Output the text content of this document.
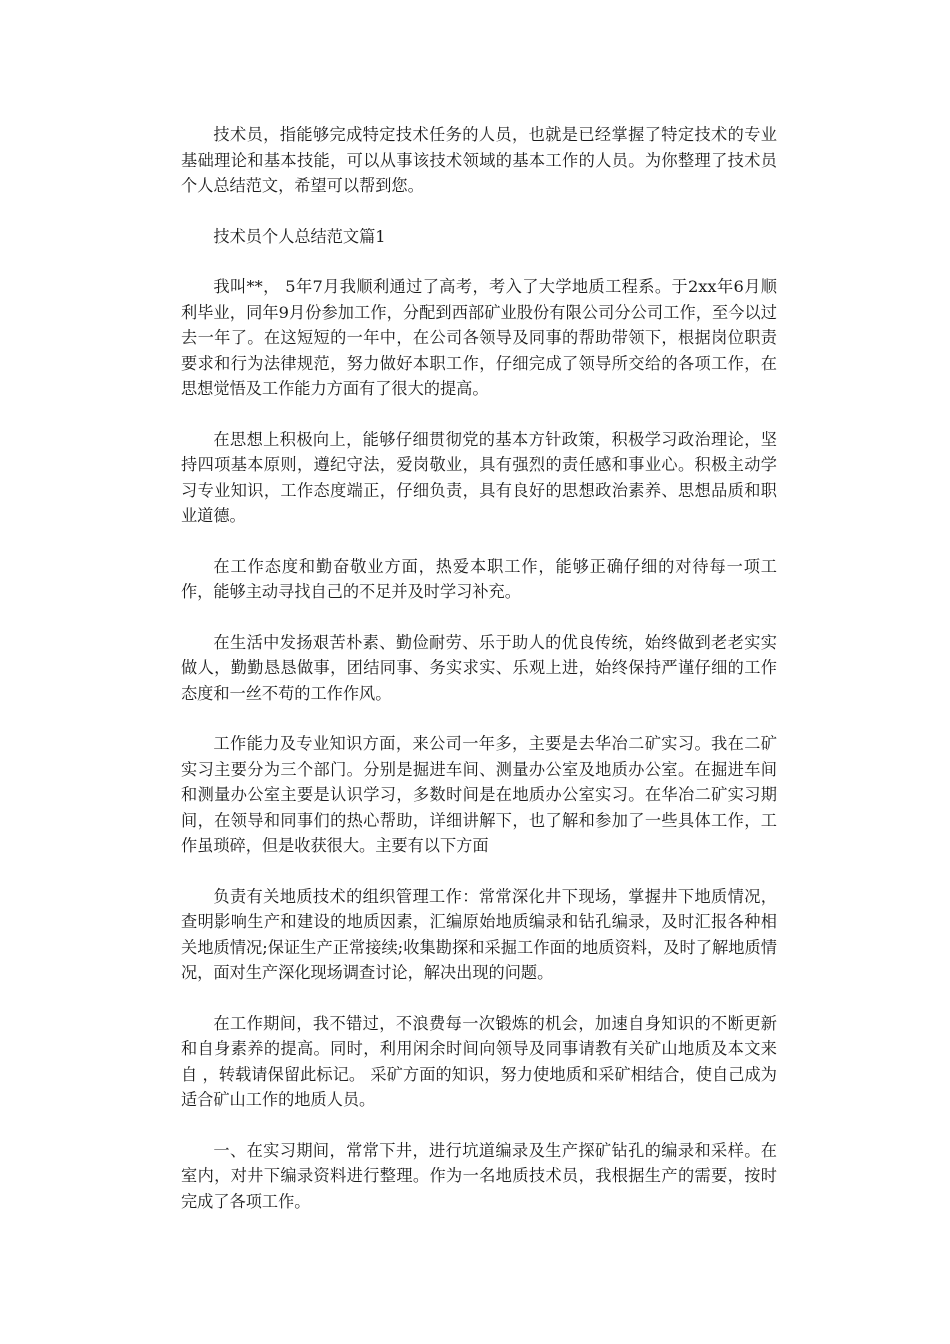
技术员，指能够完成特定技术任务的人员，也就是已经掌握了特定技术的专业基础理论和基本技能，可以从事该技术领域的基本工作的人员。为你整理了技术员个人总结范文，希望可以帮到您。

技术员个人总结范文篇1

我叫**， 5年7月我顺利通过了高考，考入了大学地质工程系。于2xx年6月顺利毕业，同年9月份参加工作，分配到西部矿业股份有限公司分公司工作，至今以过去一年了。在这短短的一年中，在公司各领导及同事的帮助带领下，根据岗位职责要求和行为法律规范，努力做好本职工作，仔细完成了领导所交给的各项工作，在思想觉悟及工作能力方面有了很大的提高。

在思想上积极向上，能够仔细贯彻党的基本方针政策，积极学习政治理论，坚持四项基本原则，遵纪守法，爱岗敬业，具有强烈的责任感和事业心。积极主动学习专业知识，工作态度端正，仔细负责，具有良好的思想政治素养、思想品质和职业道德。

在工作态度和勤奋敬业方面，热爱本职工作，能够正确仔细的对待每一项工作，能够主动寻找自己的不足并及时学习补充。

在生活中发扬艰苦朴素、勤俭耐劳、乐于助人的优良传统，始终做到老老实实做人，勤勤恳恳做事，团结同事、务实求实、乐观上进，始终保持严谨仔细的工作态度和一丝不苟的工作作风。

工作能力及专业知识方面，来公司一年多，主要是去华冶二矿实习。我在二矿实习主要分为三个部门。分别是掘进车间、测量办公室及地质办公室。在掘进车间和测量办公室主要是认识学习，多数时间是在地质办公室实习。在华冶二矿实习期间，在领导和同事们的热心帮助，详细讲解下，也了解和参加了一些具体工作，工作虽琐碎，但是收获很大。主要有以下方面

负责有关地质技术的组织管理工作：常常深化井下现场，掌握井下地质情况，查明影响生产和建设的地质因素，汇编原始地质编录和钻孔编录，及时汇报各种相关地质情况;保证生产正常接续;收集勘探和采掘工作面的地质资料，及时了解地质情况，面对生产深化现场调查讨论，解决出现的问题。

在工作期间，我不错过，不浪费每一次锻炼的机会，加速自身知识的不断更新和自身素养的提高。同时，利用闲余时间向领导及同事请教有关矿山地质及本文来自 ，转载请保留此标记。 采矿方面的知识，努力使地质和采矿相结合，使自己成为适合矿山工作的地质人员。

一、在实习期间，常常下井，进行坑道编录及生产探矿钻孔的编录和采样。在室内，对井下编录资料进行整理。作为一名地质技术员，我根据生产的需要，按时完成了各项工作。
